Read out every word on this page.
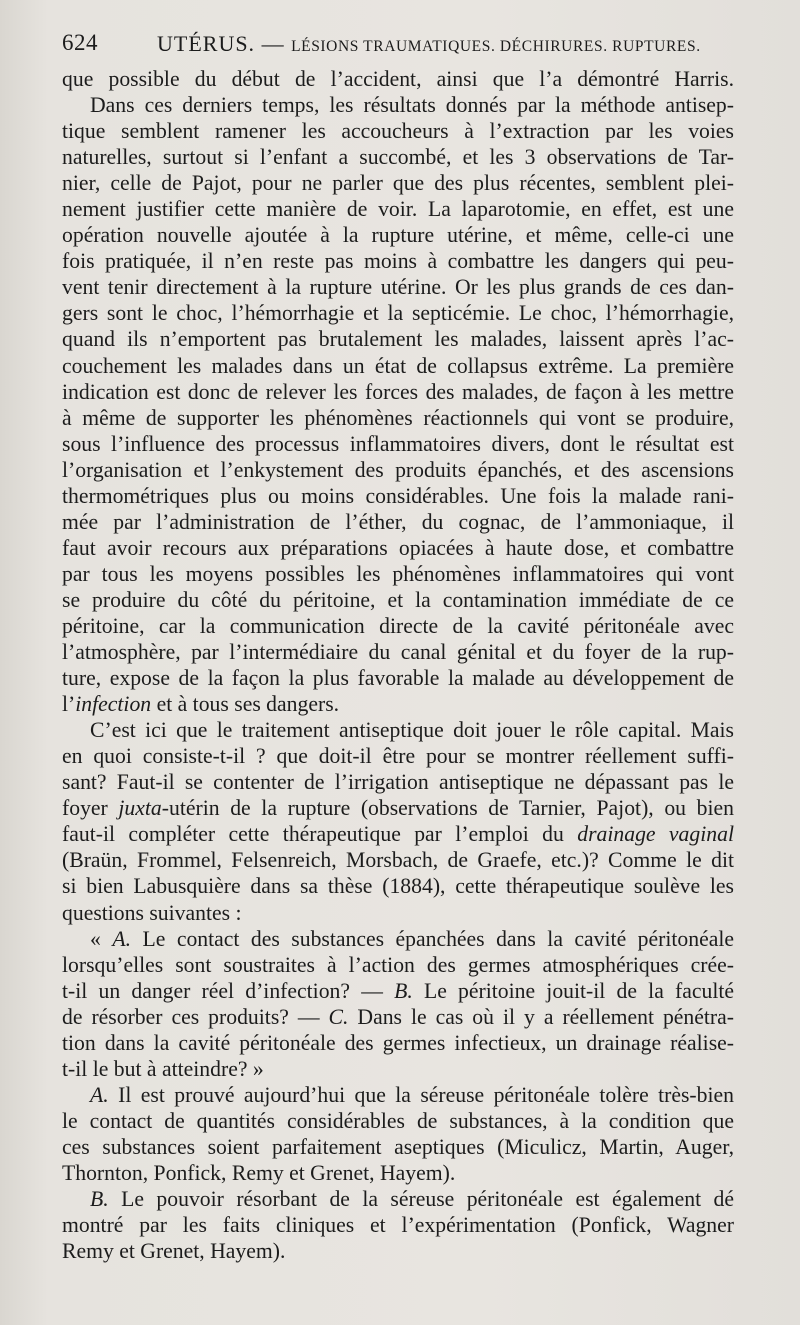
624	UTÉRUS. — LÉSIONS TRAUMATIQUES. DÉCHIRURES. RUPTURES.
que possible du début de l’accident, ainsi que l’a démontré Harris.
Dans ces derniers temps, les résultats donnés par la méthode antisep-
tique semblent ramener les accoucheurs à l’extraction par les voies
naturelles, surtout si l’enfant a succombé, et les 3 observations de Tar-
nier, celle de Pajot, pour ne parler que des plus récentes, semblent plei-
nement justifier cette manière de voir. La laparotomie, en effet, est une
opération nouvelle ajoutée à la rupture utérine, et même, celle-ci une
fois pratiquée, il n’en reste pas moins à combattre les dangers qui peu-
vent tenir directement à la rupture utérine. Or les plus grands de ces dan-
gers sont le choc, l’hémorrhagie et la septicémie. Le choc, l’hémorrhagie,
quand ils n’emportent pas brutalement les malades, laissent après l’ac-
couchement les malades dans un état de collapsus extrême. La première
indication est donc de relever les forces des malades, de façon à les mettre
à même de supporter les phénomènes réactionnels qui vont se produire,
sous l’influence des processus inflammatoires divers, dont le résultat est
l’organisation et l’enkystement des produits épanchés, et des ascensions
thermométriques plus ou moins considérables. Une fois la malade rani-
mée par l’administration de l’éther, du cognac, de l’ammoniaque, il
faut avoir recours aux préparations opiacées à haute dose, et combattre
par tous les moyens possibles les phénomènes inflammatoires qui vont
se produire du côté du péritoine, et la contamination immédiate de ce
péritoine, car la communication directe de la cavité péritonéale avec
l’atmosphère, par l’intermédiaire du canal génital et du foyer de la rup-
ture, expose de la façon la plus favorable la malade au développement de
l’infection et à tous ses dangers.
C’est ici que le traitement antiseptique doit jouer le rôle capital. Mais
en quoi consiste-t-il ? que doit-il être pour se montrer réellement suffi-
sant? Faut-il se contenter de l’irrigation antiseptique ne dépassant pas le
foyer juxta-utérin de la rupture (observations de Tarnier, Pajot), ou bien
faut-il compléter cette thérapeutique par l’emploi du drainage vaginal
(Braün, Frommel, Felsenreich, Morsbach, de Graefe, etc.)? Comme le dit
si bien Labusquière dans sa thèse (1884), cette thérapeutique soulève les
questions suivantes :
« A. Le contact des substances épanchées dans la cavité péritonéale
lorsqu’elles sont soustraites à l’action des germes atmosphériques crée-
t-il un danger réel d’infection? — B. Le péritoine jouit-il de la faculté
de résorber ces produits? — C. Dans le cas où il y a réellement pénétra-
tion dans la cavité péritonéale des germes infectieux, un drainage réalise-
t-il le but à atteindre? »
A. Il est prouvé aujourd’hui que la séreuse péritonéale tolère très-bien
le contact de quantités considérables de substances, à la condition que
ces substances soient parfaitement aseptiques (Miculicz, Martin, Auger,
Thornton, Ponfick, Remy et Grenet, Hayem).
B. Le pouvoir résorbant de la séreuse péritonéale est également dé
montré par les faits cliniques et l’expérimentation (Ponfick, Wagner
Remy et Grenet, Hayem).
